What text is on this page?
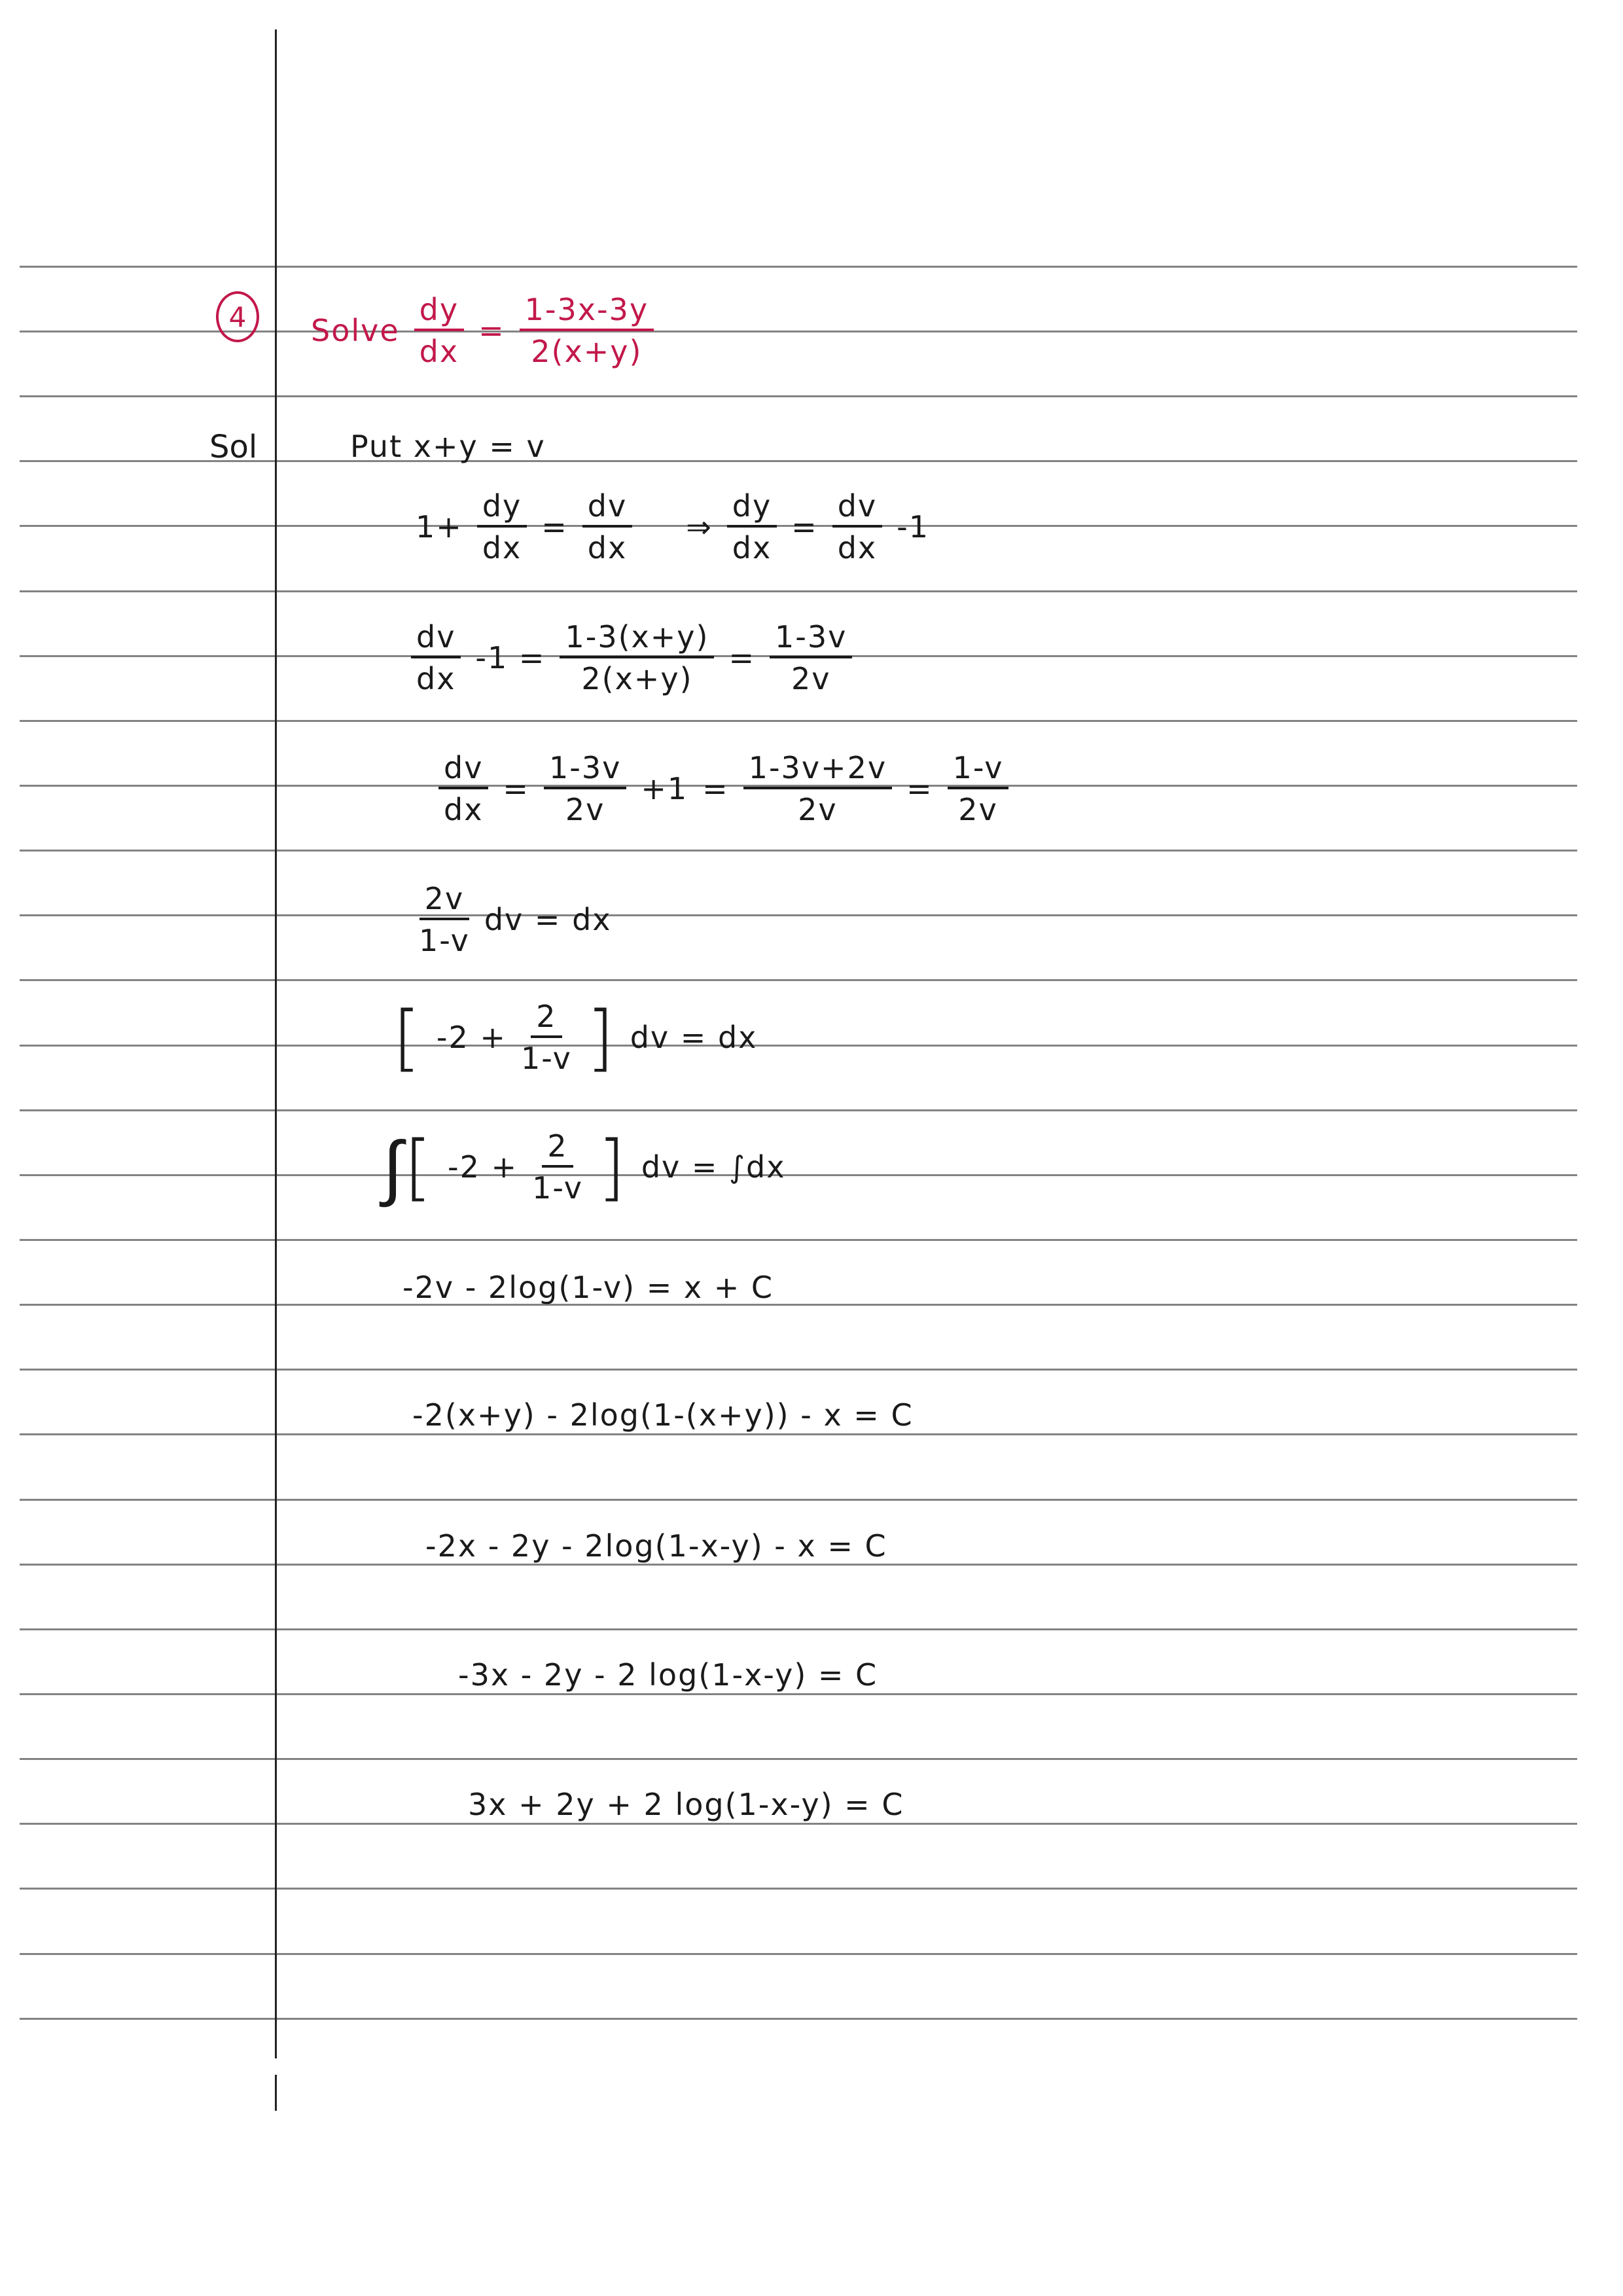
4	Solve $\frac{dy}{dx} = \frac{1-3x-3y}{2(x+y)}$
Sol	Put x+y = v
$1+ \frac{dy}{dx} = \frac{dv}{dx}$ ⇒ $\frac{dy}{dx} = \frac{dv}{dx} -1$
$\frac{dv}{dx} -1 = \frac{1-3(x+y)}{2(x+y)} = \frac{1-3v}{2v}$
$\frac{dv}{dx} = \frac{1-3v}{2v} +1 = \frac{1-3v+2v}{2v} = \frac{1-v}{2v}$
$\frac{2v}{1-v}$ dv = dx
[ $-2 + \frac{2}{1-v}$ ] dv = dx
∫[ $-2 + \frac{2}{1-v}$ ] dv = ∫dx
-2v - 2log(1-v) = x + C
-2(x+y) - 2log(1-(x+y)) - x = C
-2x - 2y - 2log(1-x-y) - x = C
-3x - 2y - 2 log(1-x-y) = C
3x + 2y + 2 log(1-x-y) = C
